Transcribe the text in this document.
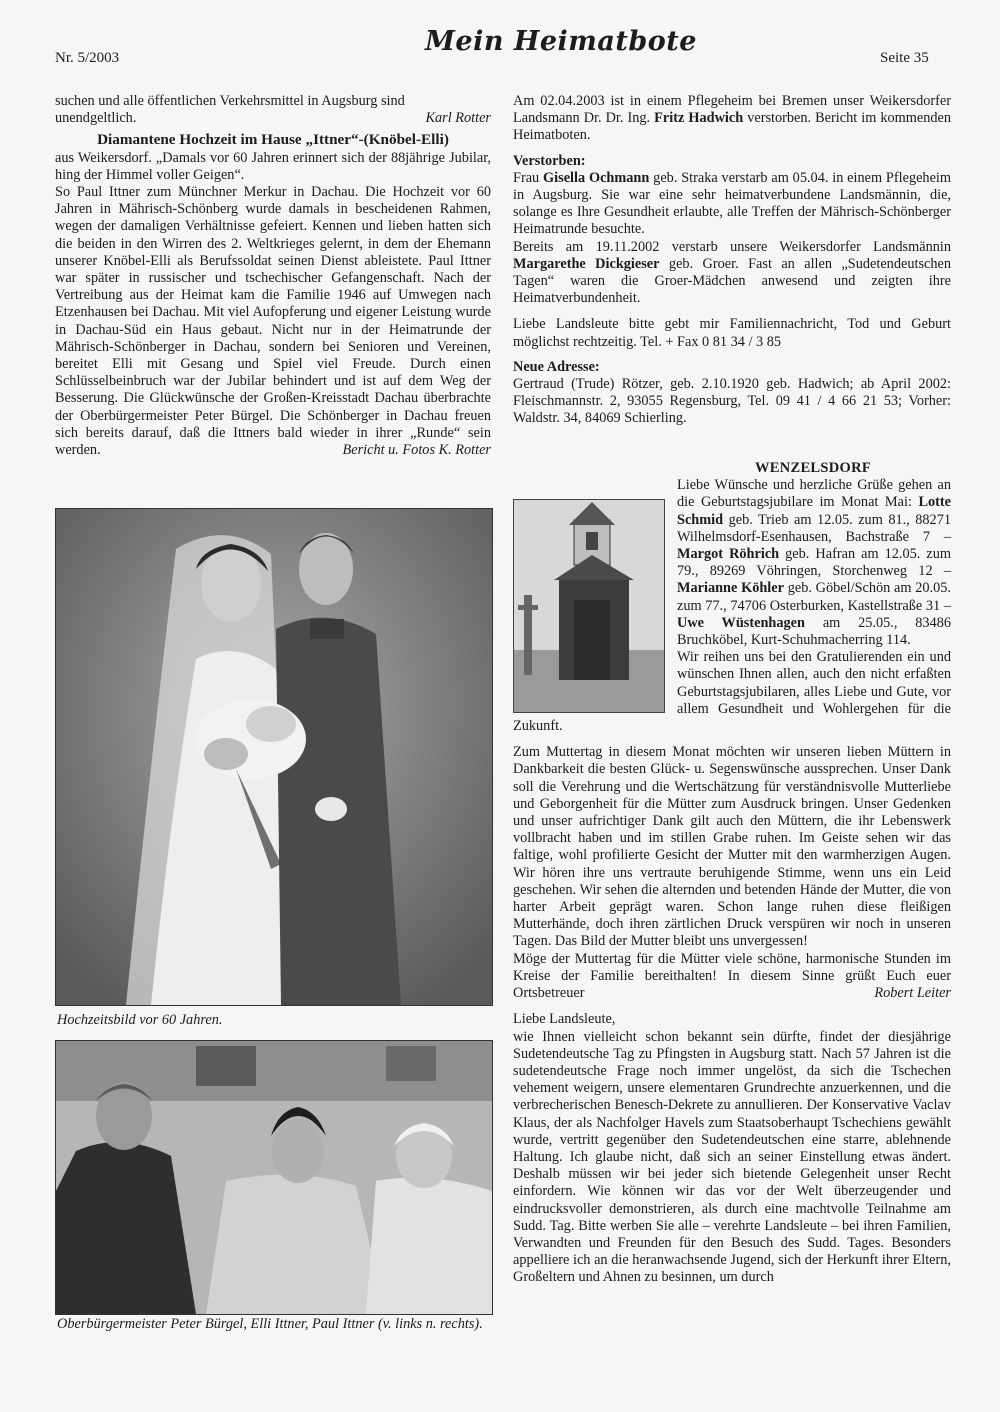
Nr. 5/2003
Mein Heimatbote
Seite 35

suchen und alle öffentlichen Verkehrsmittel in Augsburg sind

unendgeltlich.	Karl Rotter

Diamantene Hochzeit im Hause „Ittner“-(Knöbel-Elli)

aus Weikersdorf. „Damals vor 60 Jahren erinnert sich der 88jährige Jubilar, hing der Himmel voller Geigen“.

So Paul Ittner zum Münchner Merkur in Dachau. Die Hochzeit vor 60 Jahren in Mährisch-Schönberg wurde damals in bescheidenen Rahmen, wegen der damaligen Verhältnisse gefeiert. Kennen und lieben hatten sich die beiden in den Wirren des 2. Weltkrieges gelernt, in dem der Ehemann unserer Knöbel-Elli als Berufssoldat seinen Dienst ableistete. Paul Ittner war später in russischer und tschechischer Gefangenschaft. Nach der Vertreibung aus der Heimat kam die Familie 1946 auf Umwegen nach Etzenhausen bei Dachau. Mit viel Aufopferung und eigener Leistung wurde in Dachau-Süd ein Haus gebaut. Nicht nur in der Heimatrunde der Mährisch-Schönberger in Dachau, sondern bei Senioren und Vereinen, bereitet Elli mit Gesang und Spiel viel Freude. Durch einen Schlüsselbeinbruch war der Jubilar behindert und ist auf dem Weg der Besserung. Die Glückwünsche der Großen-Kreisstadt Dachau überbrachte der Oberbürgermeister Peter Bürgel. Die Schönberger in Dachau freuen sich bereits darauf, daß die Ittners bald wieder in ihrer „Runde“ sein werden.	Bericht u. Fotos K. Rotter

Hochzeitsbild vor 60 Jahren.
Oberbürgermeister Peter Bürgel, Elli Ittner, Paul Ittner (v. links n. rechts).

Am 02.04.2003 ist in einem Pflegeheim bei Bremen unser Weikersdorfer Landsmann Dr. Dr. Ing. Fritz Hadwich verstorben. Bericht im kommenden Heimatboten.

Verstorben:

Frau Gisella Ochmann geb. Straka verstarb am 05.04. in einem Pflegeheim in Augsburg. Sie war eine sehr heimatverbundene Landsmännin, die, solange es Ihre Gesundheit erlaubte, alle Treffen der Mährisch-Schönberger Heimatrunde besuchte.

Bereits am 19.11.2002 verstarb unsere Weikersdorfer Landsmännin Margarethe Dickgieser geb. Groer. Fast an allen „Sudetendeutschen Tagen“ waren die Groer-Mädchen anwesend und zeigten ihre Heimatverbundenheit.

Liebe Landsleute bitte gebt mir Familiennachricht, Tod und Geburt möglichst rechtzeitig. Tel. + Fax 0 81 34 / 3 85

Neue Adresse:

Gertraud (Trude) Rötzer, geb. 2.10.1920 geb. Hadwich; ab April 2002: Fleischmannstr. 2, 93055 Regensburg, Tel. 09 41 / 4 66 21 53; Vorher: Waldstr. 34, 84069 Schierling.

WENZELSDORF

Liebe Wünsche und herzliche Grüße gehen an die Geburtstagsjubilare im Monat Mai: Lotte Schmid geb. Trieb am 12.05. zum 81., 88271 Wilhelmsdorf-Esenhausen, Bachstraße 7 – Margot Röhrich geb. Hafran am 12.05. zum 79., 89269 Vöhringen, Storchenweg 12 – Marianne Köhler geb. Göbel/Schön am 20.05. zum 77., 74706 Osterburken, Kastellstraße 31 – Uwe Wüstenhagen am 25.05., 83486 Bruchköbel, Kurt-Schuhmacherring 114.

Wir reihen uns bei den Gratulierenden ein und wünschen Ihnen allen, auch den nicht erfaßten Geburtstagsjubilaren, alles Liebe und Gute, vor allem Gesundheit und Wohlergehen für die Zukunft.

Zum Muttertag in diesem Monat möchten wir unseren lieben Müttern in Dankbarkeit die besten Glück- u. Segenswünsche aussprechen. Unser Dank soll die Verehrung und die Wertschätzung für verständnisvolle Mutterliebe und Geborgenheit für die Mütter zum Ausdruck bringen. Unser Gedenken und unser aufrichtiger Dank gilt auch den Müttern, die ihr Lebenswerk vollbracht haben und im stillen Grabe ruhen. Im Geiste sehen wir das faltige, wohl profilierte Gesicht der Mutter mit den warmherzigen Augen. Wir hören ihre uns vertraute beruhigende Stimme, wenn uns ein Leid geschehen. Wir sehen die alternden und betenden Hände der Mutter, die von harter Arbeit geprägt waren. Schon lange ruhen diese fleißigen Mutterhände, doch ihren zärtlichen Druck verspüren wir noch in unseren Tagen. Das Bild der Mutter bleibt uns unvergessen!

Möge der Muttertag für die Mütter viele schöne, harmonische Stunden im Kreise der Familie bereithalten! In diesem Sinne grüßt Euch euer Ortsbetreuer	Robert Leiter

Liebe Landsleute,

wie Ihnen vielleicht schon bekannt sein dürfte, findet der diesjährige Sudetendeutsche Tag zu Pfingsten in Augsburg statt. Nach 57 Jahren ist die sudetendeutsche Frage noch immer ungelöst, da sich die Tschechen vehement weigern, unsere elementaren Grundrechte anzuerkennen, und die verbrecherischen Benesch-Dekrete zu annullieren. Der Konservative Vaclav Klaus, der als Nachfolger Havels zum Staatsoberhaupt Tschechiens gewählt wurde, vertritt gegenüber den Sudetendeutschen eine starre, ablehnende Haltung. Ich glaube nicht, daß sich an seiner Einstellung etwas ändert. Deshalb müssen wir bei jeder sich bietende Gelegenheit unser Recht einfordern. Wie können wir das vor der Welt überzeugender und eindrucksvoller demonstrieren, als durch eine machtvolle Teilnahme am Sudd. Tag. Bitte werben Sie alle – verehrte Landsleute – bei ihren Familien, Verwandten und Freunden für den Besuch des Sudd. Tages. Besonders appelliere ich an die heranwachsende Jugend, sich der Herkunft ihrer Eltern, Großeltern und Ahnen zu besinnen, um durch
